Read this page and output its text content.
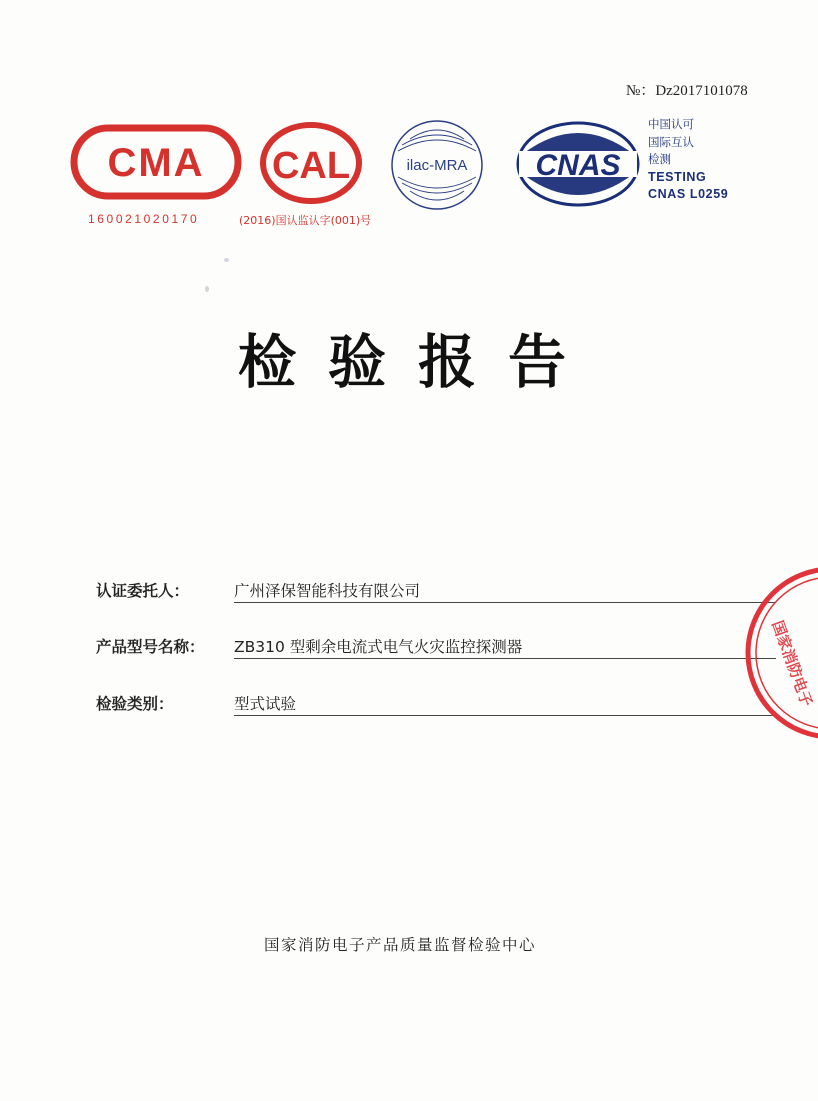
№：Dz2017101078
CMA
160021020170
CAL
(2016)国认监认字(001)号
ilac-MRA CNAS
中国认可
国际互认
检测
TESTING
CNAS L0259
检验报告
认证委托人：	广州泽保智能科技有限公司
产品型号名称： ZB310 型剩余电流式电气火灾监控探测器
检验类别：	型式试验
国家消防电子产品质量监督检验中心
国家消防电子
